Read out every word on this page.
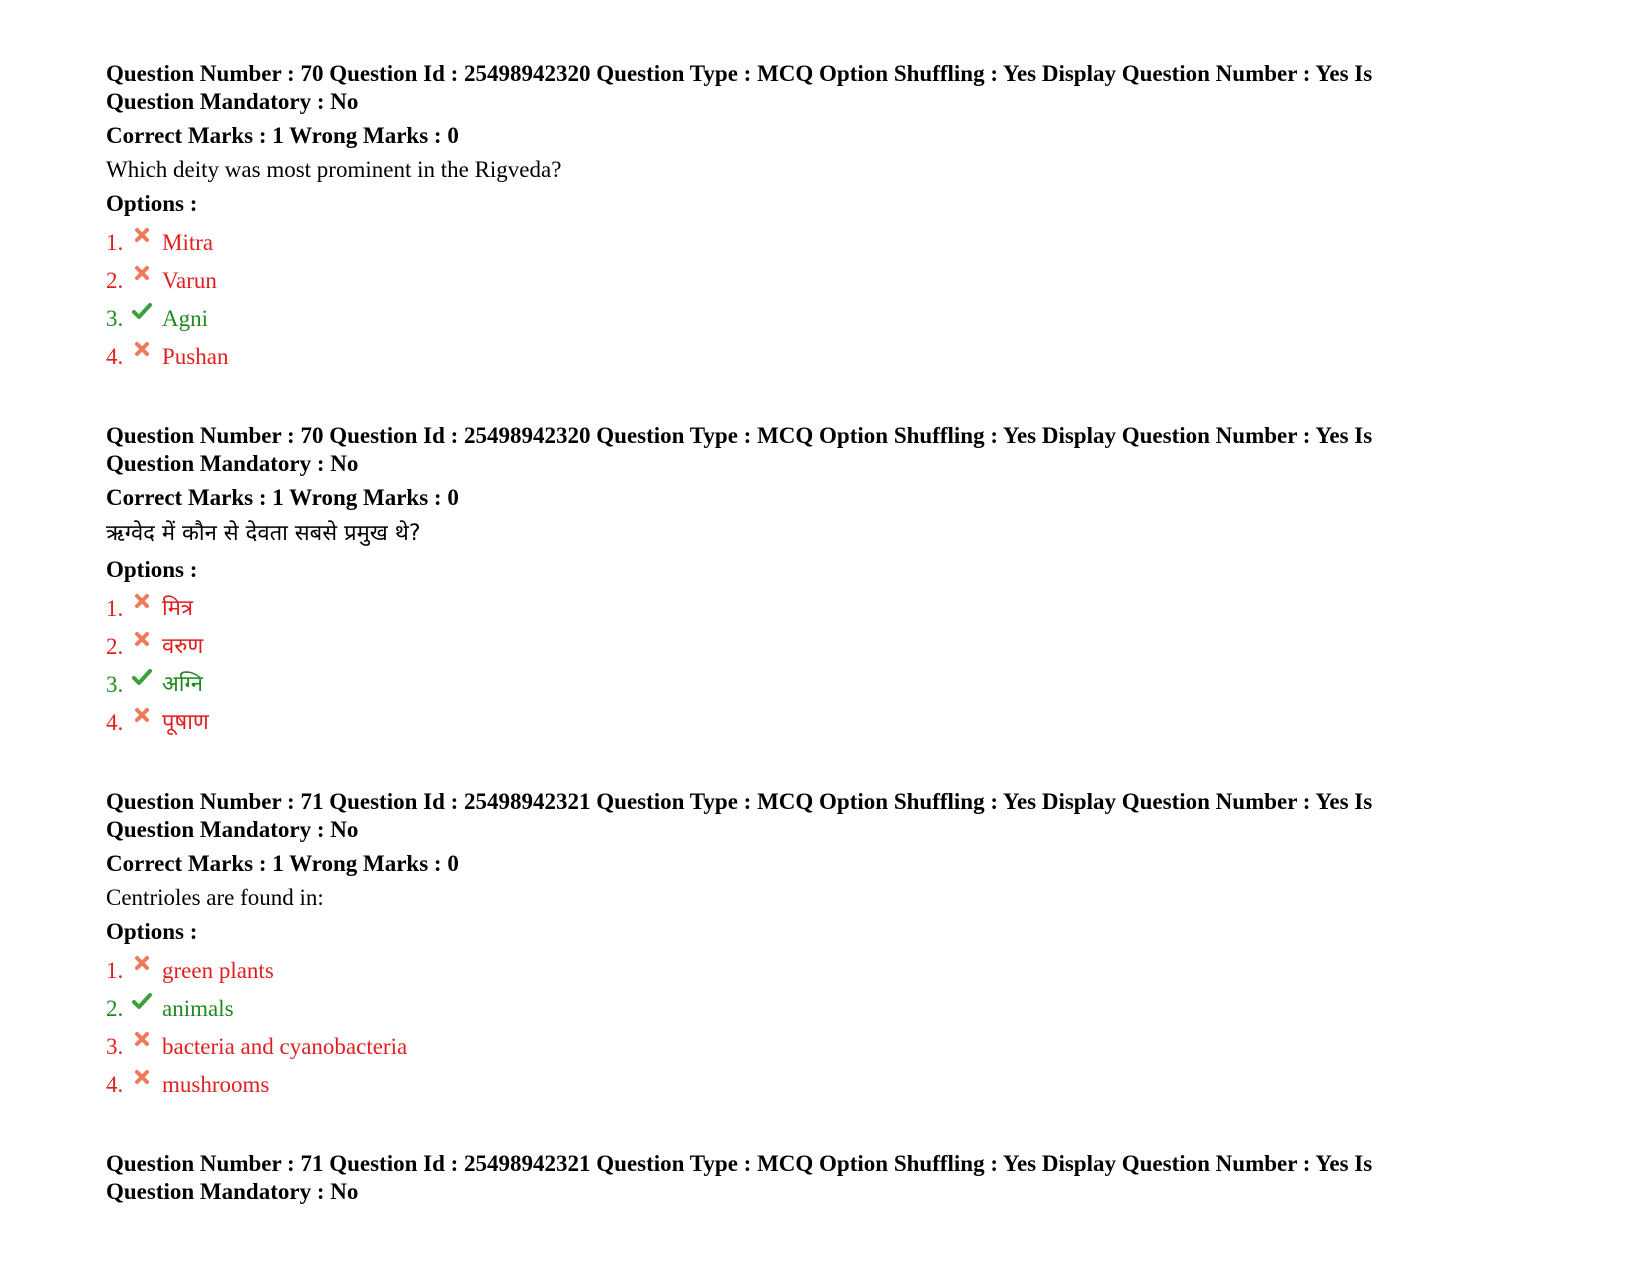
Question Number : 70 Question Id : 25498942320 Question Type : MCQ Option Shuffling : Yes Display Question Number : Yes Is
Question Mandatory : No
Correct Marks : 1 Wrong Marks : 0
Which deity was most prominent in the Rigveda?
Options :
1.	Mitra
2.	Varun
3.	Agni
4.	Pushan
Question Number : 70 Question Id : 25498942320 Question Type : MCQ Option Shuffling : Yes Display Question Number : Yes Is
Question Mandatory : No
Correct Marks : 1 Wrong Marks : 0
ऋग्वेद में कौन से देवता सबसे प्रमुख थे?
Options :
1.	मित्र
2.	वरुण
3.	अग्नि
4.	पूषाण
Question Number : 71 Question Id : 25498942321 Question Type : MCQ Option Shuffling : Yes Display Question Number : Yes Is
Question Mandatory : No
Correct Marks : 1 Wrong Marks : 0
Centrioles are found in:
Options :
1.	green plants
2.	animals
3.	bacteria and cyanobacteria
4.	mushrooms
Question Number : 71 Question Id : 25498942321 Question Type : MCQ Option Shuffling : Yes Display Question Number : Yes Is
Question Mandatory : No
